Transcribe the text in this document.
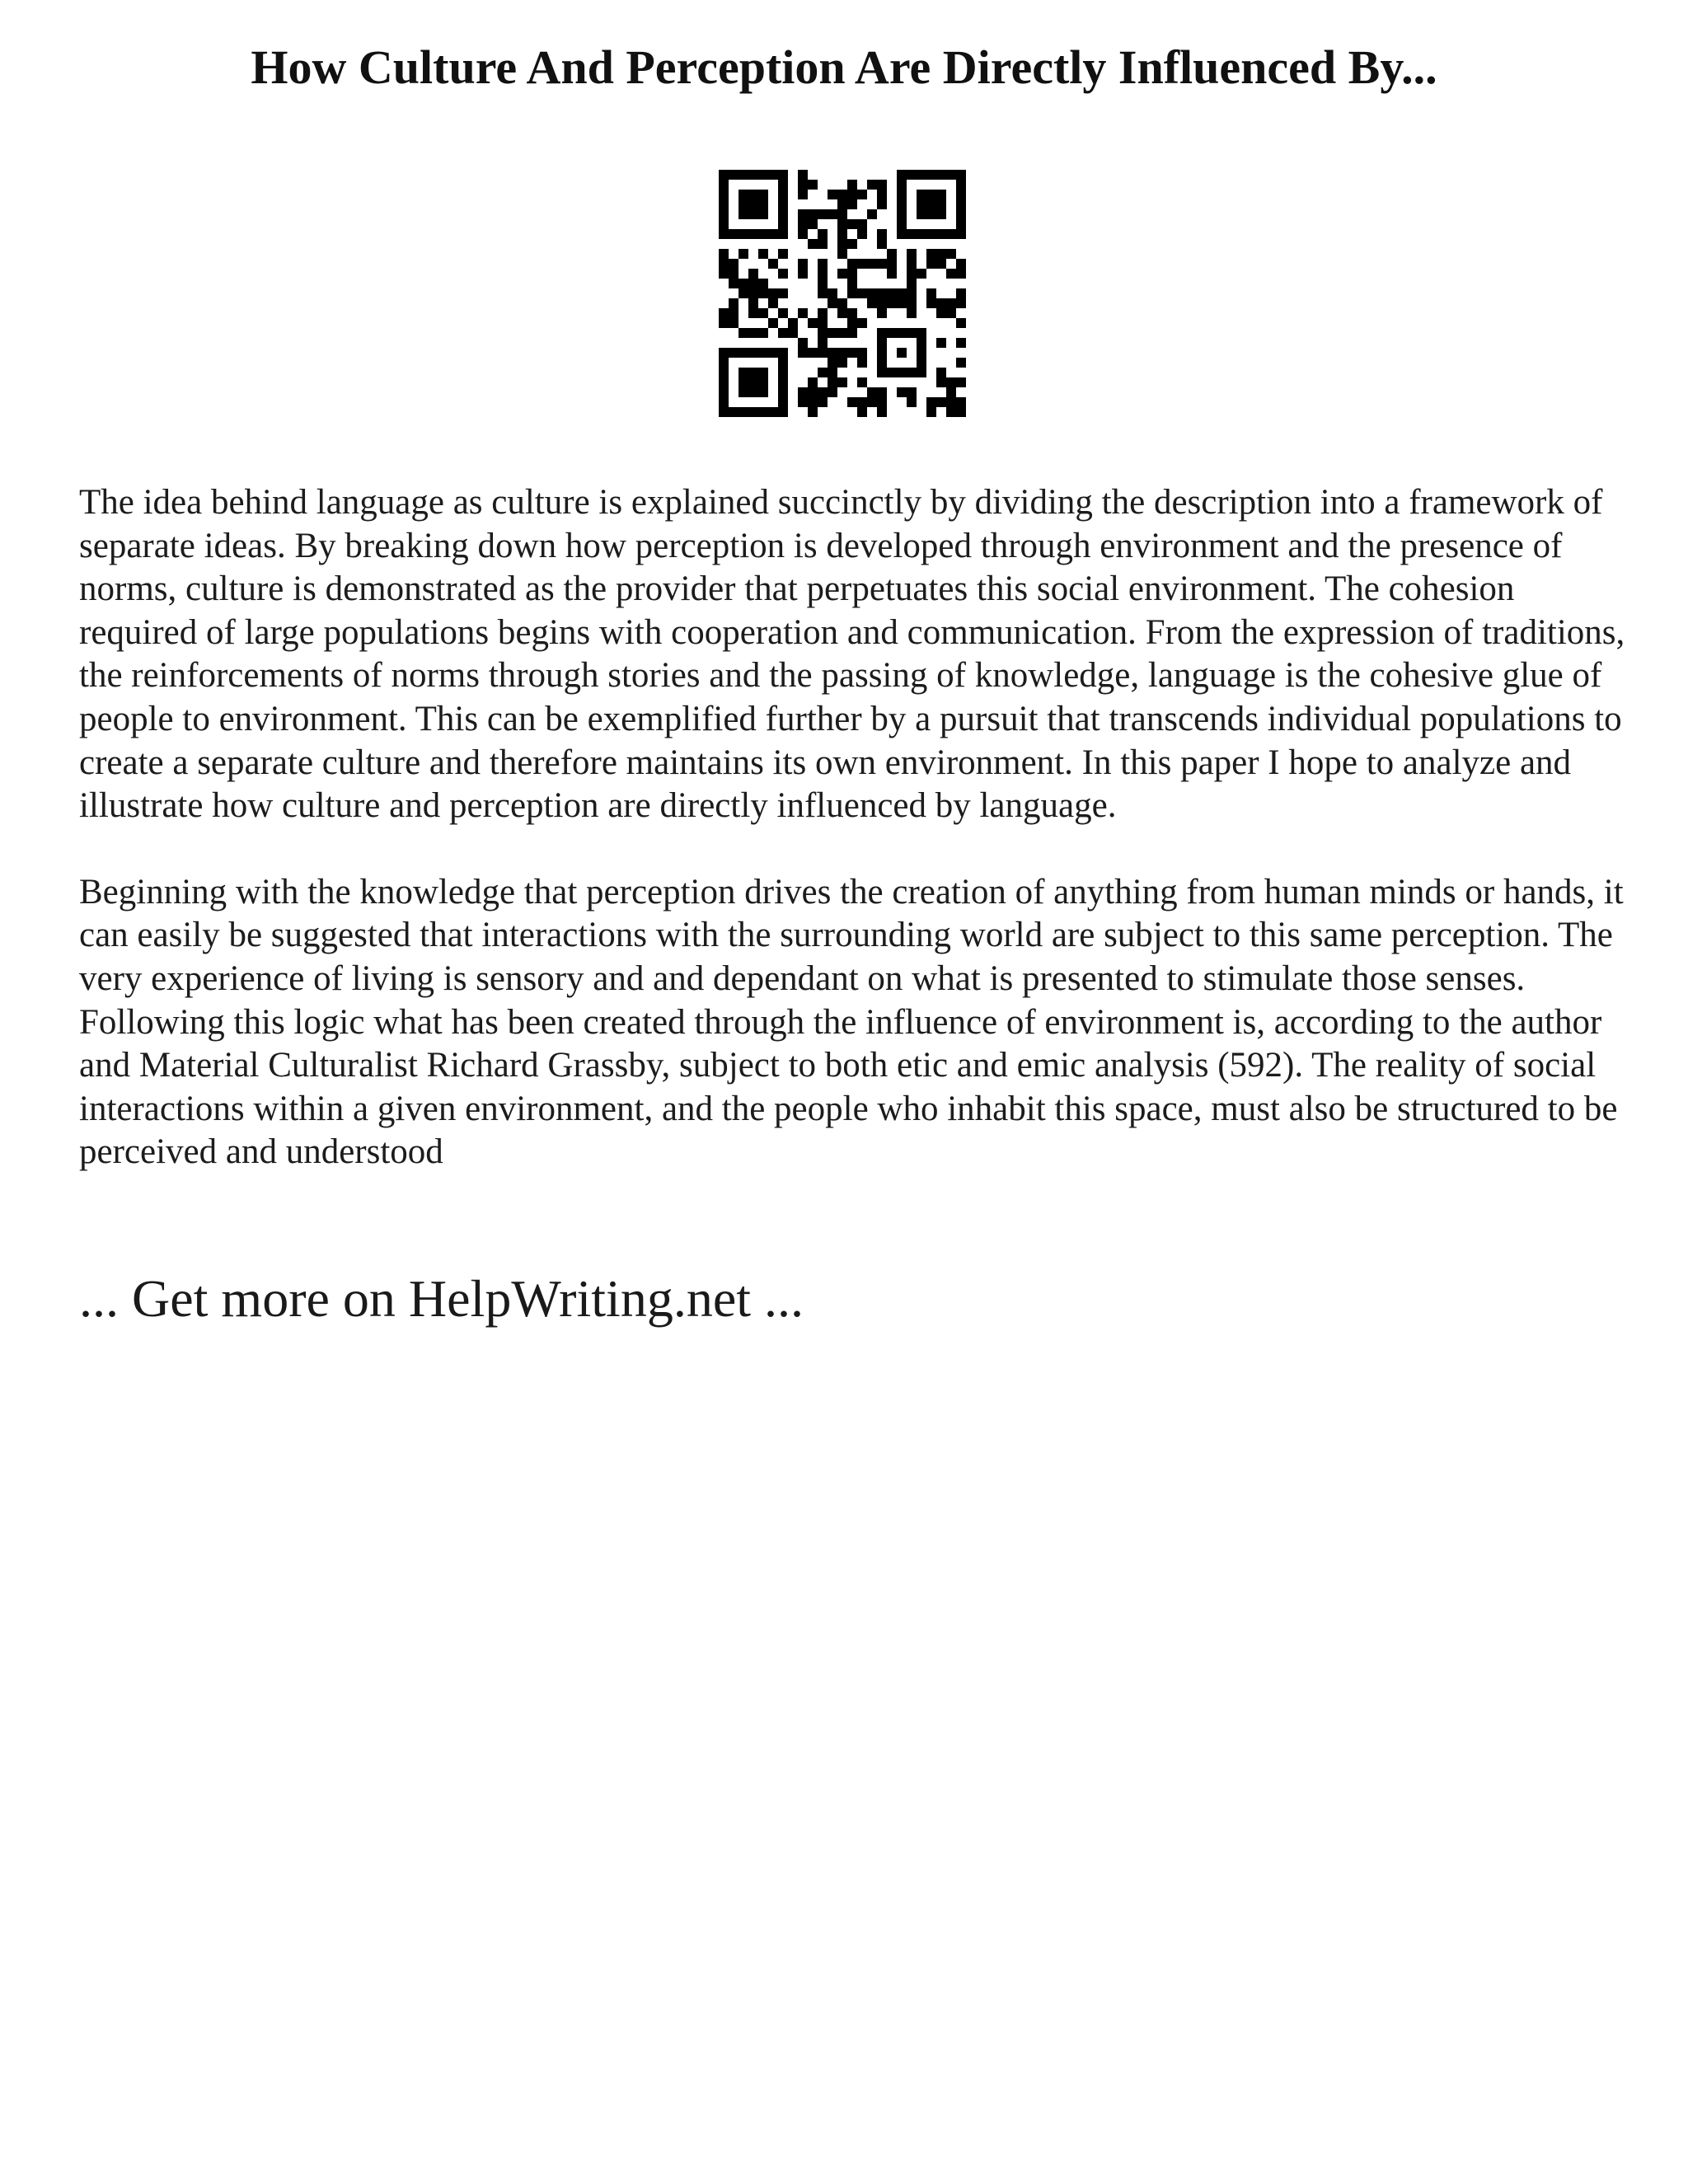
How Culture And Perception Are Directly Influenced By...

The idea behind language as culture is explained succinctly by dividing the description into a framework of separate ideas. By breaking down how perception is developed through environment and the presence of norms, culture is demonstrated as the provider that perpetuates this social environment. The cohesion required of large populations begins with cooperation and communication. From the expression of traditions, the reinforcements of norms through stories and the passing of knowledge, language is the cohesive glue of people to environment. This can be exemplified further by a pursuit that transcends individual populations to create a separate culture and therefore maintains its own environment. In this paper I hope to analyze and illustrate how culture and perception are directly influenced by language.

Beginning with the knowledge that perception drives the creation of anything from human minds or hands, it can easily be suggested that interactions with the surrounding world are subject to this same perception. The very experience of living is sensory and and dependant on what is presented to stimulate those senses. Following this logic what has been created through the influence of environment is, according to the author and Material Culturalist Richard Grassby, subject to both etic and emic analysis (592). The reality of social interactions within a given environment, and the people who inhabit this space, must also be structured to be perceived and understood

... Get more on HelpWriting.net ...
